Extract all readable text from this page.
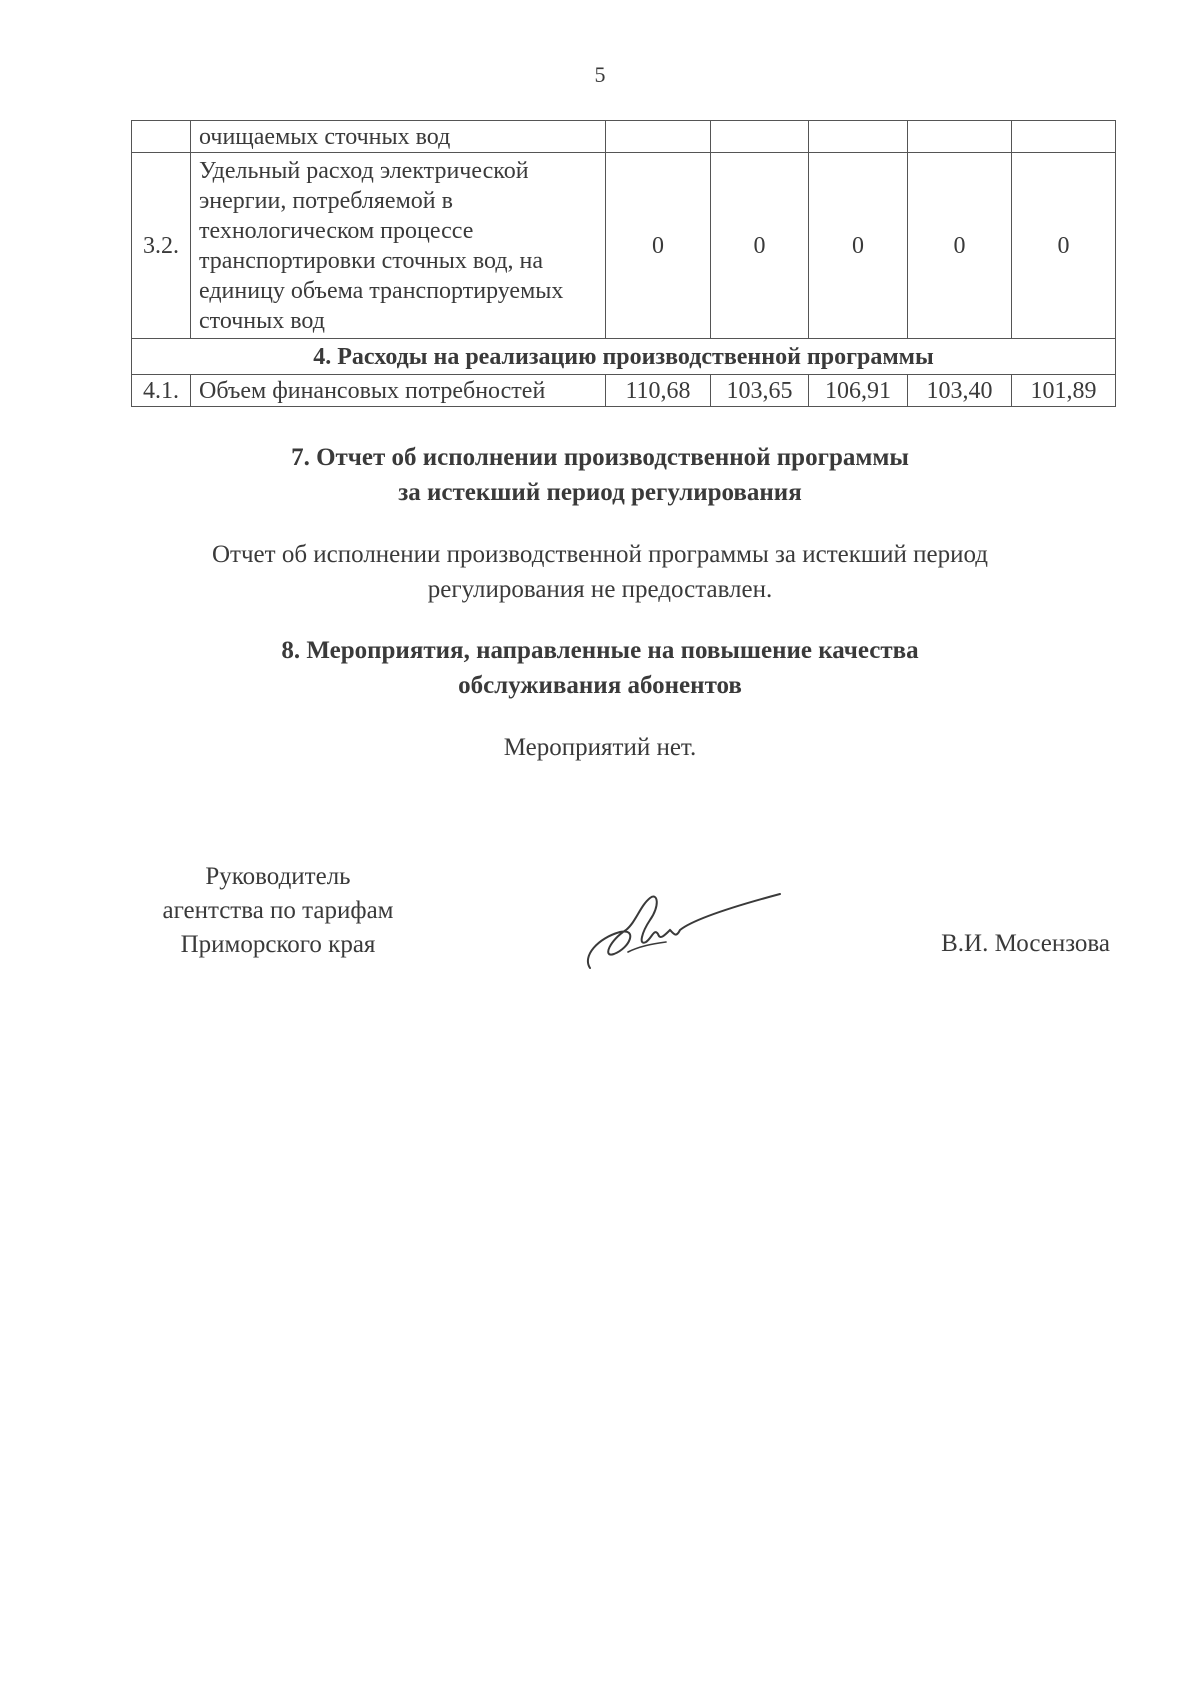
5
	очищаемых сточных вод					
3.2.	Удельный расход электрической энергии, потребляемой в технологическом процессе транспортировки сточных вод, на единицу объема транспортируемых сточных вод	0	0	0	0	0
4. Расходы на реализацию производственной программы						
4.1.	Объем финансовых потребностей	110,68	103,65	106,91	103,40	101,89
7. Отчет об исполнении производственной программы
за истекший период регулирования
Отчет об исполнении производственной программы за истекший период
регулирования не предоставлен.
8. Мероприятия, направленные на повышение качества
обслуживания абонентов
Мероприятий нет.
Руководитель
агентства по тарифам
Приморского края	В.И. Мосензова
